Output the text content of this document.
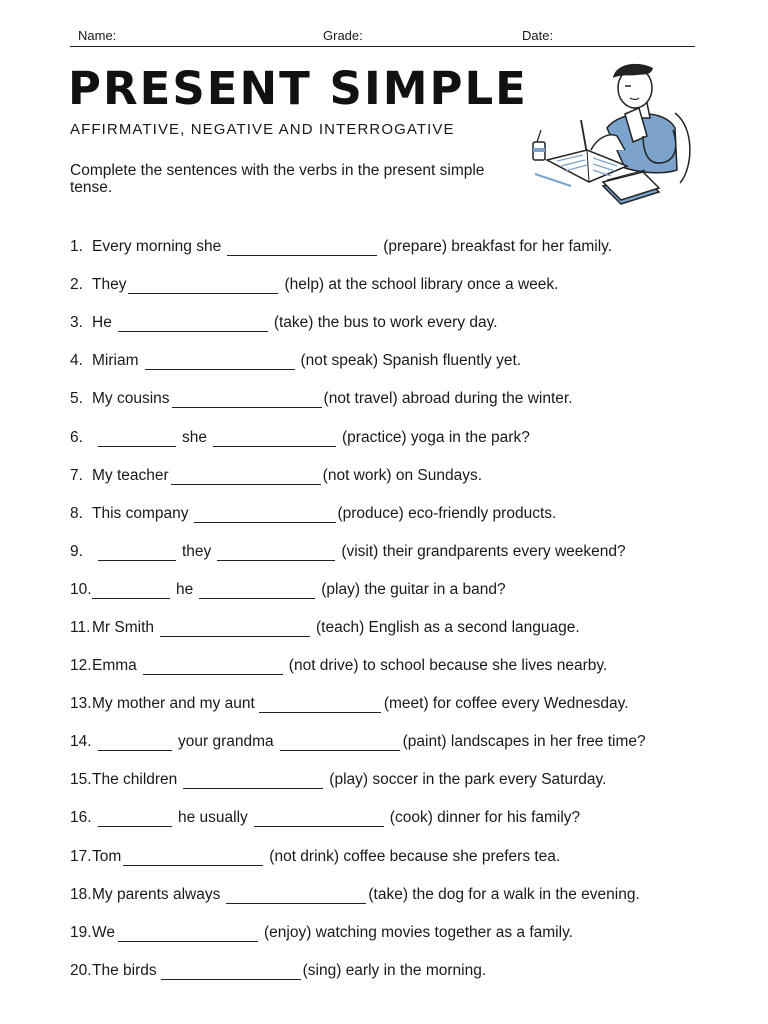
Name:	Grade:	Date:
PRESENT SIMPLE

AFFIRMATIVE, NEGATIVE AND INTERROGATIVE

Complete the sentences with the verbs in the present simple tense.

1. Every morning she	(prepare) breakfast for her family.
2. They	(help) at the school library once a week.
3. He	(take) the bus to work every day.
4. Miriam	(not speak) Spanish fluently yet.
5. My cousins	(not travel) abroad during the winter.
6.	she	(practice) yoga in the park?
7. My teacher	(not work) on Sundays.
8. This company	(produce) eco-friendly products.
9.	they	(visit) their grandparents every weekend?
10.	he	(play) the guitar in a band?
11. Mr Smith	(teach) English as a second language.
12. Emma	(not drive) to school because she lives nearby.
13. My mother and my aunt	(meet) for coffee every Wednesday.
14.	your grandma	(paint) landscapes in her free time?
15. The children	(play) soccer in the park every Saturday.
16.	he usually	(cook) dinner for his family?
17. Tom	(not drink) coffee because she prefers tea.
18. My parents always	(take) the dog for a walk in the evening.
19. We	(enjoy) watching movies together as a family.
20. The birds	(sing) early in the morning.
